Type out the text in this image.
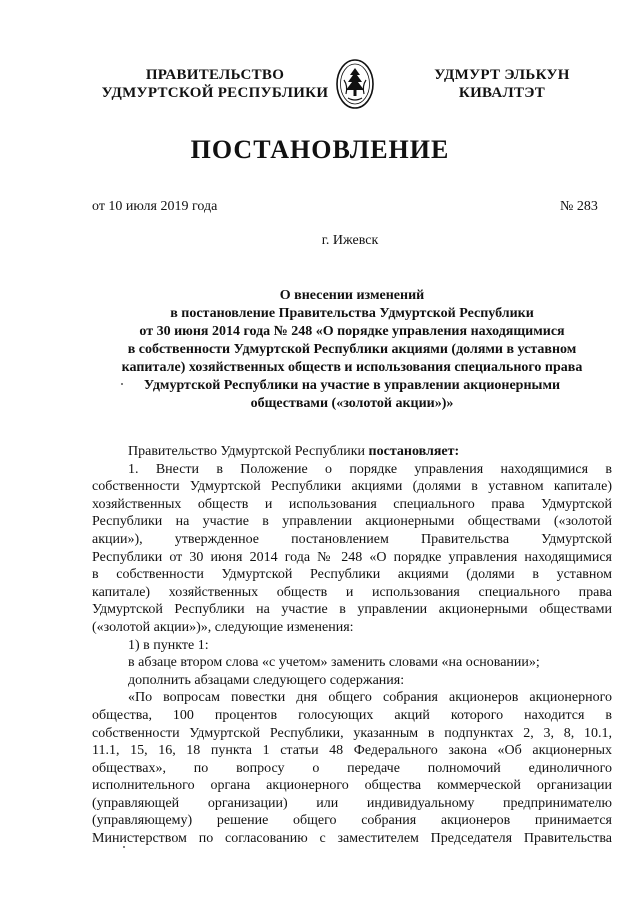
ПРАВИТЕЛЬСТВО
УДМУРТСКОЙ РЕСПУБЛИКИ
УДМУРТ ЭЛЬКУН
КИВАЛТЭТ
ПОСТАНОВЛЕНИЕ
от 10 июля 2019 года	№ 283
г. Ижевск
О внесении изменений
в постановление Правительства Удмуртской Республики
от 30 июня 2014 года № 248 «О порядке управления находящимися
в собственности Удмуртской Республики акциями (долями в уставном
капитале) хозяйственных обществ и использования специального права
Удмуртской Республики на участие в управлении акционерными
обществами («золотой акции»)»

Правительство Удмуртской Республики постановляет:

1. Внести в Положение о порядке управления находящимися в

собственности Удмуртской Республики акциями (долями в уставном капитале)

хозяйственных обществ и использования специального права Удмуртской

Республики на участие в управлении акционерными обществами («золотой

акции»), утвержденное постановлением Правительства Удмуртской

Республики от 30 июня 2014 года № 248 «О порядке управления находящимися

в собственности Удмуртской Республики акциями (долями в уставном

капитале) хозяйственных обществ и использования специального права

Удмуртской Республики на участие в управлении акционерными обществами

(«золотой акции»)», следующие изменения:

1) в пункте 1:

в абзаце втором слова «с учетом» заменить словами «на основании»;

дополнить абзацами следующего содержания:

«По вопросам повестки дня общего собрания акционеров акционерного

общества, 100 процентов голосующих акций которого находится в

собственности Удмуртской Республики, указанным в подпунктах 2, 3, 8, 10.1,

11.1, 15, 16, 18 пункта 1 статьи 48 Федерального закона «Об акционерных

обществах», по вопросу о передаче полномочий единоличного

исполнительного органа акционерного общества коммерческой организации

(управляющей организации) или индивидуальному предпринимателю

(управляющему) решение общего собрания акционеров принимается

Министерством по согласованию с заместителем Председателя Правительства
